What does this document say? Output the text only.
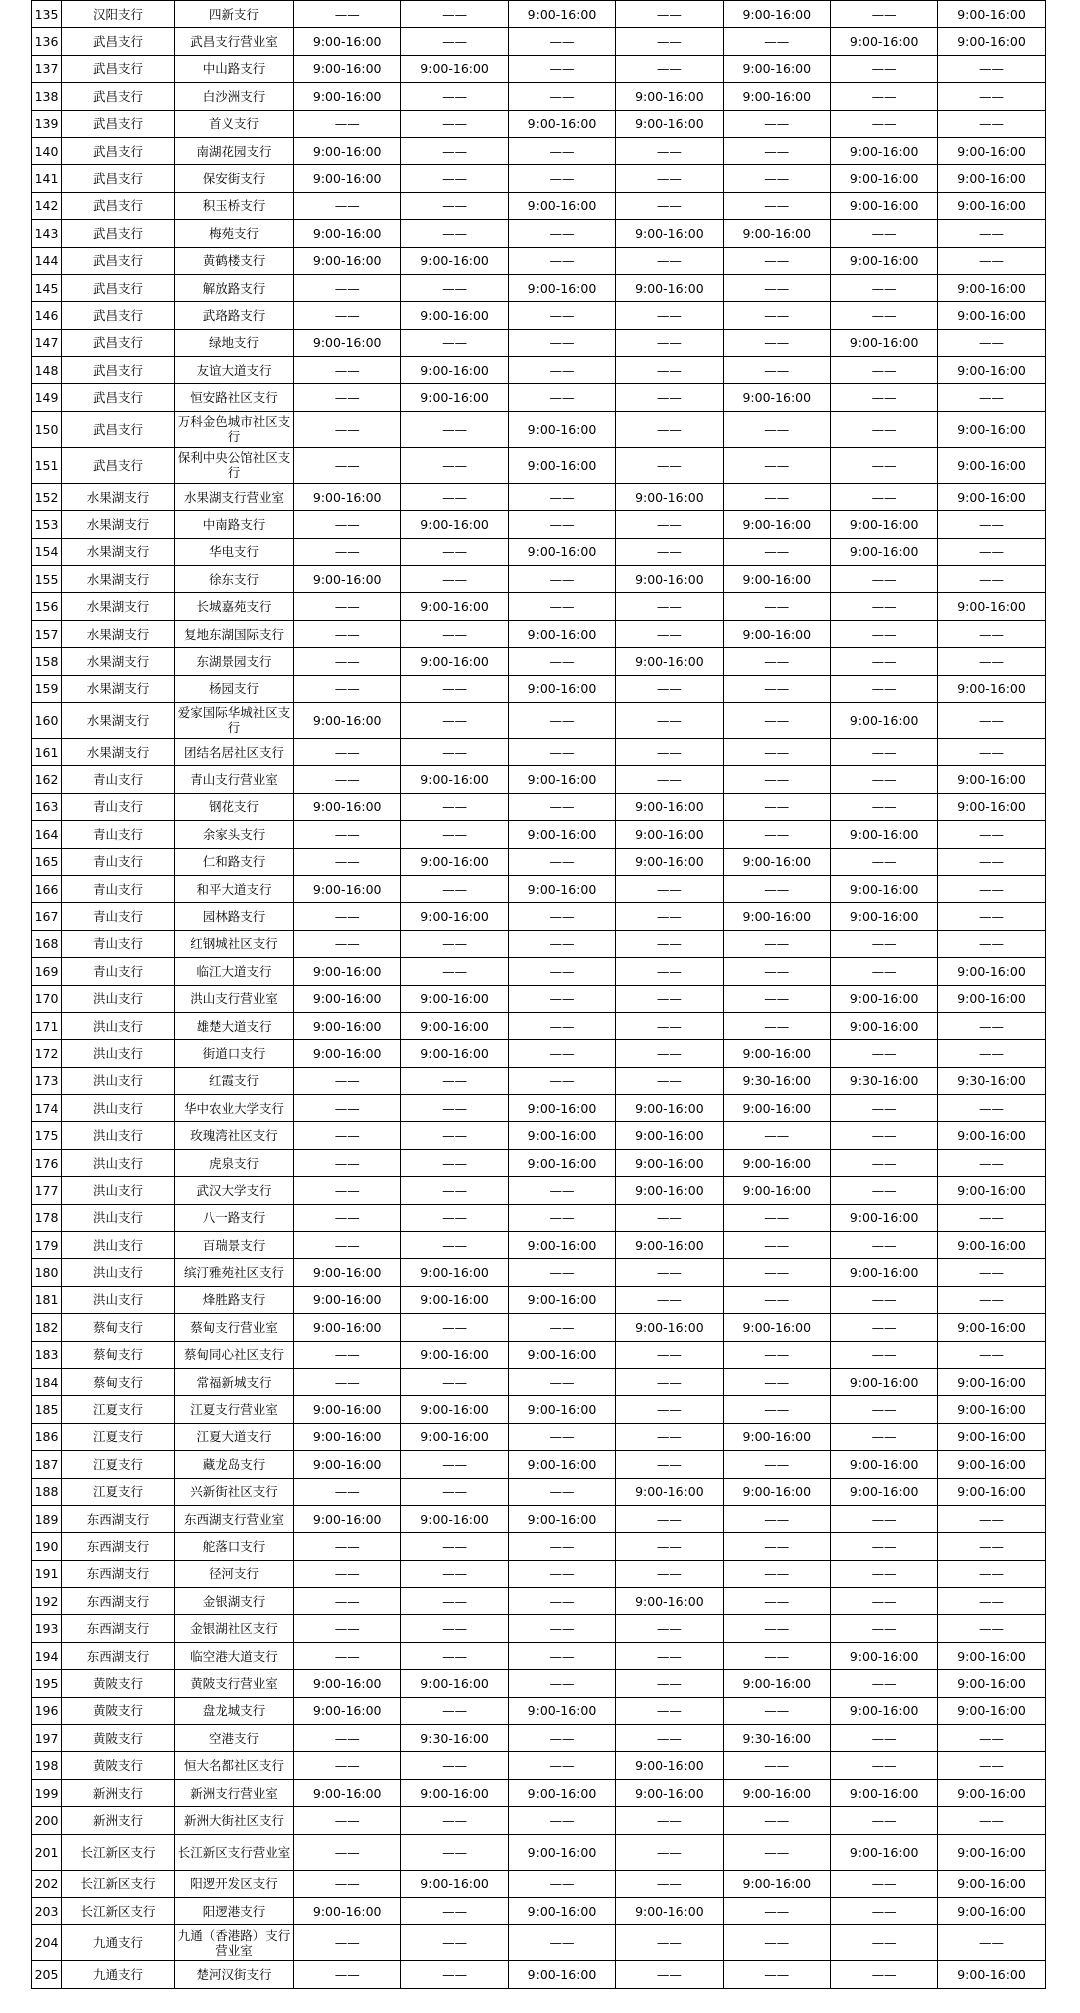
135	汉阳支行	四新支行	——	——	9:00-16:00	——	9:00-16:00	——	9:00-16:00
136	武昌支行	武昌支行营业室	9:00-16:00	——	——	——	——	9:00-16:00	9:00-16:00
137	武昌支行	中山路支行	9:00-16:00	9:00-16:00	——	——	9:00-16:00	——	——
138	武昌支行	白沙洲支行	9:00-16:00	——	——	9:00-16:00	9:00-16:00	——	——
139	武昌支行	首义支行	——	——	9:00-16:00	9:00-16:00	——	——	——
140	武昌支行	南湖花园支行	9:00-16:00	——	——	——	——	9:00-16:00	9:00-16:00
141	武昌支行	保安街支行	9:00-16:00	——	——	——	——	9:00-16:00	9:00-16:00
142	武昌支行	积玉桥支行	——	——	9:00-16:00	——	——	9:00-16:00	9:00-16:00
143	武昌支行	梅苑支行	9:00-16:00	——	——	9:00-16:00	9:00-16:00	——	——
144	武昌支行	黄鹤楼支行	9:00-16:00	9:00-16:00	——	——	——	9:00-16:00	——
145	武昌支行	解放路支行	——	——	9:00-16:00	9:00-16:00	——	——	9:00-16:00
146	武昌支行	武珞路支行	——	9:00-16:00	——	——	——	——	9:00-16:00
147	武昌支行	绿地支行	9:00-16:00	——	——	——	——	9:00-16:00	——
148	武昌支行	友谊大道支行	——	9:00-16:00	——	——	——	——	9:00-16:00
149	武昌支行	恒安路社区支行	——	9:00-16:00	——	——	9:00-16:00	——	——
150	武昌支行	万科金色城市社区支行	——	——	9:00-16:00	——	——	——	9:00-16:00
151	武昌支行	保利中央公馆社区支行	——	——	9:00-16:00	——	——	——	9:00-16:00
152	水果湖支行	水果湖支行营业室	9:00-16:00	——	——	9:00-16:00	——	——	9:00-16:00
153	水果湖支行	中南路支行	——	9:00-16:00	——	——	9:00-16:00	9:00-16:00	——
154	水果湖支行	华电支行	——	——	9:00-16:00	——	——	9:00-16:00	——
155	水果湖支行	徐东支行	9:00-16:00	——	——	9:00-16:00	9:00-16:00	——	——
156	水果湖支行	长城嘉苑支行	——	9:00-16:00	——	——	——	——	9:00-16:00
157	水果湖支行	复地东湖国际支行	——	——	9:00-16:00	——	9:00-16:00	——	——
158	水果湖支行	东湖景园支行	——	9:00-16:00	——	9:00-16:00	——	——	——
159	水果湖支行	杨园支行	——	——	9:00-16:00	——	——	——	9:00-16:00
160	水果湖支行	爱家国际华城社区支行	9:00-16:00	——	——	——	——	9:00-16:00	——
161	水果湖支行	团结名居社区支行	——	——	——	——	——	——	——
162	青山支行	青山支行营业室	——	9:00-16:00	9:00-16:00	——	——	——	9:00-16:00
163	青山支行	钢花支行	9:00-16:00	——	——	9:00-16:00	——	——	9:00-16:00
164	青山支行	余家头支行	——	——	9:00-16:00	9:00-16:00	——	9:00-16:00	——
165	青山支行	仁和路支行	——	9:00-16:00	——	9:00-16:00	9:00-16:00	——	——
166	青山支行	和平大道支行	9:00-16:00	——	9:00-16:00	——	——	9:00-16:00	——
167	青山支行	园林路支行	——	9:00-16:00	——	——	9:00-16:00	9:00-16:00	——
168	青山支行	红钢城社区支行	——	——	——	——	——	——	——
169	青山支行	临江大道支行	9:00-16:00	——	——	——	——	——	9:00-16:00
170	洪山支行	洪山支行营业室	9:00-16:00	9:00-16:00	——	——	——	9:00-16:00	9:00-16:00
171	洪山支行	雄楚大道支行	9:00-16:00	9:00-16:00	——	——	——	9:00-16:00	——
172	洪山支行	街道口支行	9:00-16:00	9:00-16:00	——	——	9:00-16:00	——	——
173	洪山支行	红霞支行	——	——	——	——	9:30-16:00	9:30-16:00	9:30-16:00
174	洪山支行	华中农业大学支行	——	——	9:00-16:00	9:00-16:00	9:00-16:00	——	——
175	洪山支行	玫瑰湾社区支行	——	——	9:00-16:00	9:00-16:00	——	——	9:00-16:00
176	洪山支行	虎泉支行	——	——	9:00-16:00	9:00-16:00	9:00-16:00	——	——
177	洪山支行	武汉大学支行	——	——	——	9:00-16:00	9:00-16:00	——	9:00-16:00
178	洪山支行	八一路支行	——	——	——	——	——	9:00-16:00	——
179	洪山支行	百瑞景支行	——	——	9:00-16:00	9:00-16:00	——	——	9:00-16:00
180	洪山支行	缤汀雅苑社区支行	9:00-16:00	9:00-16:00	——	——	——	9:00-16:00	——
181	洪山支行	烽胜路支行	9:00-16:00	9:00-16:00	9:00-16:00	——	——	——	——
182	蔡甸支行	蔡甸支行营业室	9:00-16:00	——	——	9:00-16:00	9:00-16:00	——	9:00-16:00
183	蔡甸支行	蔡甸同心社区支行	——	9:00-16:00	9:00-16:00	——	——	——	——
184	蔡甸支行	常福新城支行	——	——	——	——	——	9:00-16:00	9:00-16:00
185	江夏支行	江夏支行营业室	9:00-16:00	9:00-16:00	9:00-16:00	——	——	——	9:00-16:00
186	江夏支行	江夏大道支行	9:00-16:00	9:00-16:00	——	——	9:00-16:00	——	9:00-16:00
187	江夏支行	藏龙岛支行	9:00-16:00	——	9:00-16:00	——	——	9:00-16:00	9:00-16:00
188	江夏支行	兴新街社区支行	——	——	——	9:00-16:00	9:00-16:00	9:00-16:00	9:00-16:00
189	东西湖支行	东西湖支行营业室	9:00-16:00	9:00-16:00	9:00-16:00	——	——	——	——
190	东西湖支行	舵落口支行	——	——	——	——	——	——	——
191	东西湖支行	径河支行	——	——	——	——	——	——	——
192	东西湖支行	金银湖支行	——	——	——	9:00-16:00	——	——	——
193	东西湖支行	金银湖社区支行	——	——	——	——	——	——	——
194	东西湖支行	临空港大道支行	——	——	——	——	——	9:00-16:00	9:00-16:00
195	黄陂支行	黄陂支行营业室	9:00-16:00	9:00-16:00	——	——	9:00-16:00	——	9:00-16:00
196	黄陂支行	盘龙城支行	9:00-16:00	——	9:00-16:00	——	——	9:00-16:00	9:00-16:00
197	黄陂支行	空港支行	——	9:30-16:00	——	——	9:30-16:00	——	——
198	黄陂支行	恒大名都社区支行	——	——	——	9:00-16:00	——	——	——
199	新洲支行	新洲支行营业室	9:00-16:00	9:00-16:00	9:00-16:00	9:00-16:00	9:00-16:00	9:00-16:00	9:00-16:00
200	新洲支行	新洲大街社区支行	——	——	——	——	——	——	——
201	长江新区支行	长江新区支行营业室	——	——	9:00-16:00	——	——	9:00-16:00	9:00-16:00
202	长江新区支行	阳逻开发区支行	——	9:00-16:00	——	——	9:00-16:00	——	9:00-16:00
203	长江新区支行	阳逻港支行	9:00-16:00	——	9:00-16:00	9:00-16:00	——	——	9:00-16:00
204	九通支行	九通（香港路）支行营业室	——	——	——	——	——	——	——
205	九通支行	楚河汉街支行	——	——	9:00-16:00	——	——	——	9:00-16:00
